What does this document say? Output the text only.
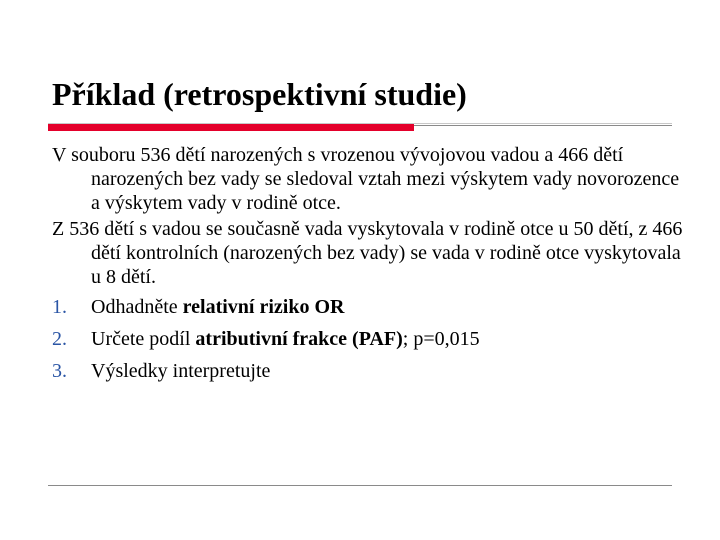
Příklad (retrospektivní studie)

V souboru 536 dětí narozených s vrozenou vývojovou vadou a 466 dětí narozených bez vady se sledoval vztah mezi výskytem vady novorozence a výskytem vady v rodině otce.

Z 536 dětí s vadou se současně vada vyskytovala v rodině otce u 50 dětí, z 466 dětí kontrolních (narozených bez vady) se vada v rodině otce vyskytovala u 8 dětí.

1. Odhadněte relativní riziko OR
2. Určete podíl atributivní frakce (PAF); p=0,015
3. Výsledky interpretujte
